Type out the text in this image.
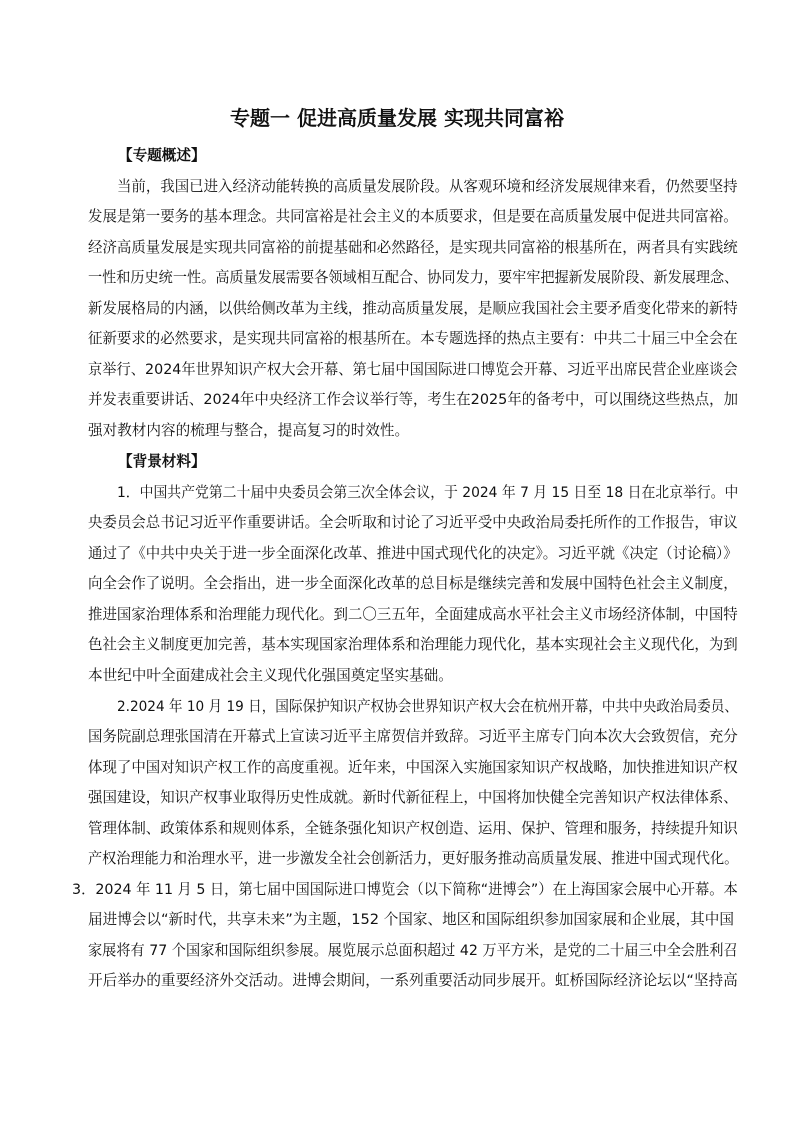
专题一 促进高质量发展 实现共同富裕
【专题概述】
当前，我国已进入经济动能转换的高质量发展阶段。从客观环境和经济发展规律来看，仍然要坚持
发展是第一要务的基本理念。共同富裕是社会主义的本质要求，但是要在高质量发展中促进共同富裕。
经济高质量发展是实现共同富裕的前提基础和必然路径，是实现共同富裕的根基所在，两者具有实践统
一性和历史统一性。高质量发展需要各领域相互配合、协同发力，要牢牢把握新发展阶段、新发展理念、
新发展格局的内涵，以供给侧改革为主线，推动高质量发展，是顺应我国社会主要矛盾变化带来的新特
征新要求的必然要求，是实现共同富裕的根基所在。本专题选择的热点主要有：中共二十届三中全会在
京举行、2024年世界知识产权大会开幕、第七届中国国际进口博览会开幕、习近平出席民营企业座谈会
并发表重要讲话、2024年中央经济工作会议举行等，考生在2025年的备考中，可以围绕这些热点，加
强对教材内容的梳理与整合，提高复习的时效性。
【背景材料】
1．中国共产党第二十届中央委员会第三次全体会议，于 2024 年 7 月 15 日至 18 日在北京举行。中
央委员会总书记习近平作重要讲话。全会听取和讨论了习近平受中央政治局委托所作的工作报告，审议
通过了《中共中央关于进一步全面深化改革、推进中国式现代化的决定》。习近平就《决定（讨论稿）》
向全会作了说明。全会指出，进一步全面深化改革的总目标是继续完善和发展中国特色社会主义制度，
推进国家治理体系和治理能力现代化。到二〇三五年，全面建成高水平社会主义市场经济体制，中国特
色社会主义制度更加完善，基本实现国家治理体系和治理能力现代化，基本实现社会主义现代化，为到
本世纪中叶全面建成社会主义现代化强国奠定坚实基础。
2.2024 年 10 月 19 日，国际保护知识产权协会世界知识产权大会在杭州开幕，中共中央政治局委员、
国务院副总理张国清在开幕式上宣读习近平主席贺信并致辞。习近平主席专门向本次大会致贺信，充分
体现了中国对知识产权工作的高度重视。近年来，中国深入实施国家知识产权战略，加快推进知识产权
强国建设，知识产权事业取得历史性成就。新时代新征程上，中国将加快健全完善知识产权法律体系、
管理体制、政策体系和规则体系，全链条强化知识产权创造、运用、保护、管理和服务，持续提升知识
产权治理能力和治理水平，进一步激发全社会创新活力，更好服务推动高质量发展、推进中国式现代化。
3．2024 年 11 月 5 日，第七届中国国际进口博览会（以下简称“进博会”）在上海国家会展中心开幕。本
届进博会以“新时代，共享未来”为主题，152 个国家、地区和国际组织参加国家展和企业展，其中国
家展将有 77 个国家和国际组织参展。展览展示总面积超过 42 万平方米，是党的二十届三中全会胜利召
开后举办的重要经济外交活动。进博会期间，一系列重要活动同步展开。虹桥国际经济论坛以“坚持高
